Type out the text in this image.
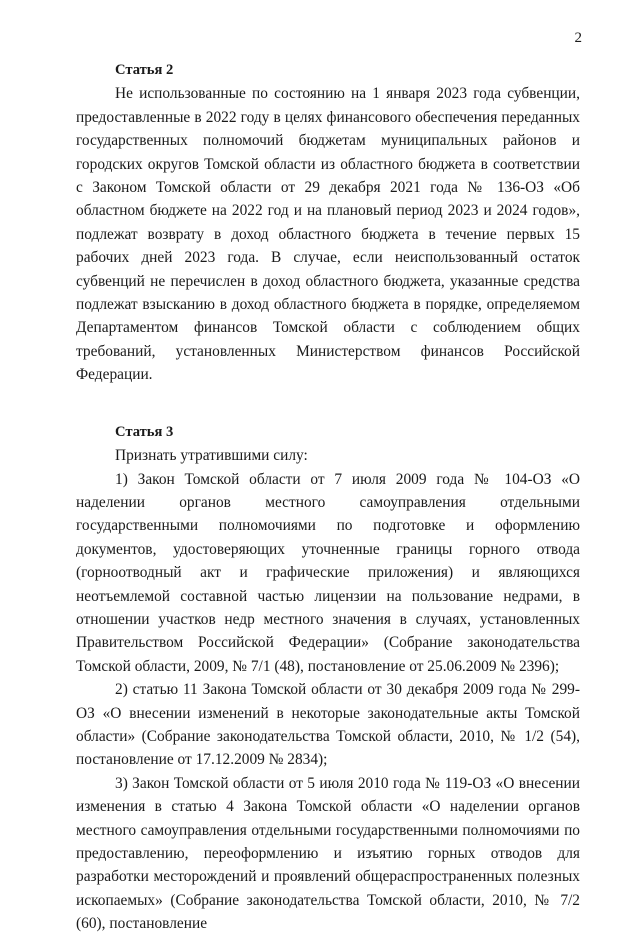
2

Статья 2

Не использованные по состоянию на 1 января 2023 года субвенции, предоставленные в 2022 году в целях финансового обеспечения переданных государственных полномочий бюджетам муниципальных районов и городских округов Томской области из областного бюджета в соответствии с Законом Томской области от 29 декабря 2021 года № 136-ОЗ «Об областном бюджете на 2022 год и на плановый период 2023 и 2024 годов», подлежат возврату в доход областного бюджета в течение первых 15 рабочих дней 2023 года. В случае, если неиспользованный остаток субвенций не перечислен в доход областного бюджета, указанные средства подлежат взысканию в доход областного бюджета в порядке, определяемом Департаментом финансов Томской области с соблюдением общих требований, установленных Министерством финансов Российской Федерации.

Статья 3

Признать утратившими силу:

1) Закон Томской области от 7 июля 2009 года № 104-ОЗ «О наделении органов местного самоуправления отдельными государственными полномочиями по подготовке и оформлению документов, удостоверяющих уточненные границы горного отвода (горноотводный акт и графические приложения) и являющихся неотъемлемой составной частью лицензии на пользование недрами, в отношении участков недр местного значения в случаях, установленных Правительством Российской Федерации» (Собрание законодательства Томской области, 2009, № 7/1 (48), постановление от 25.06.2009 № 2396);

2) статью 11 Закона Томской области от 30 декабря 2009 года № 299-ОЗ «О внесении изменений в некоторые законодательные акты Томской области» (Собрание законодательства Томской области, 2010, № 1/2 (54), постановление от 17.12.2009 № 2834);

3) Закон Томской области от 5 июля 2010 года № 119-ОЗ «О внесении изменения в статью 4 Закона Томской области «О наделении органов местного самоуправления отдельными государственными полномочиями по предоставлению, переоформлению и изъятию горных отводов для разработки месторождений и проявлений общераспространенных полезных ископаемых» (Собрание законодательства Томской области, 2010, № 7/2 (60), постановление
